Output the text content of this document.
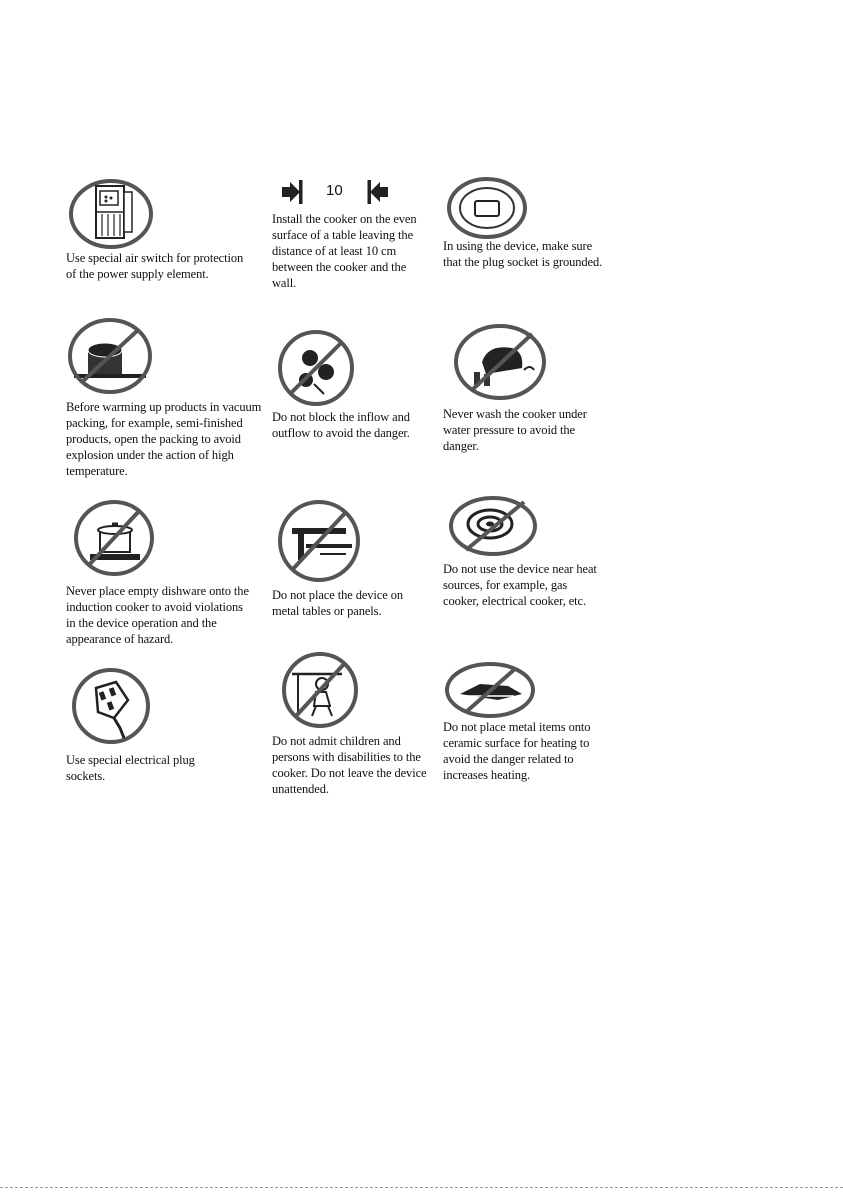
Use special air switch for protection of the power supply element.
10
Install the cooker on the even surface of a table leaving the distance of at least 10 cm between the cooker and the wall.
In using the device, make sure that the plug socket is grounded.
Before warming up products in vacuum packing, for example, semi-finished products, open the packing to avoid explosion under the action of high temperature.
Do not block the inflow and outflow to avoid the danger.
Never wash the cooker under water pressure to avoid the danger.
Never place empty dishware onto the induction cooker to avoid violations in the device operation and the appearance of hazard.
Do not place the device on metal tables or panels.
Do not use the device near heat sources, for example, gas cooker, electrical cooker, etc.
Use special electrical plug sockets.
Do not admit children and persons with disabilities to the cooker. Do not leave the device unattended.
Do not place metal items onto ceramic surface for heating to avoid the danger related to increases heating.
